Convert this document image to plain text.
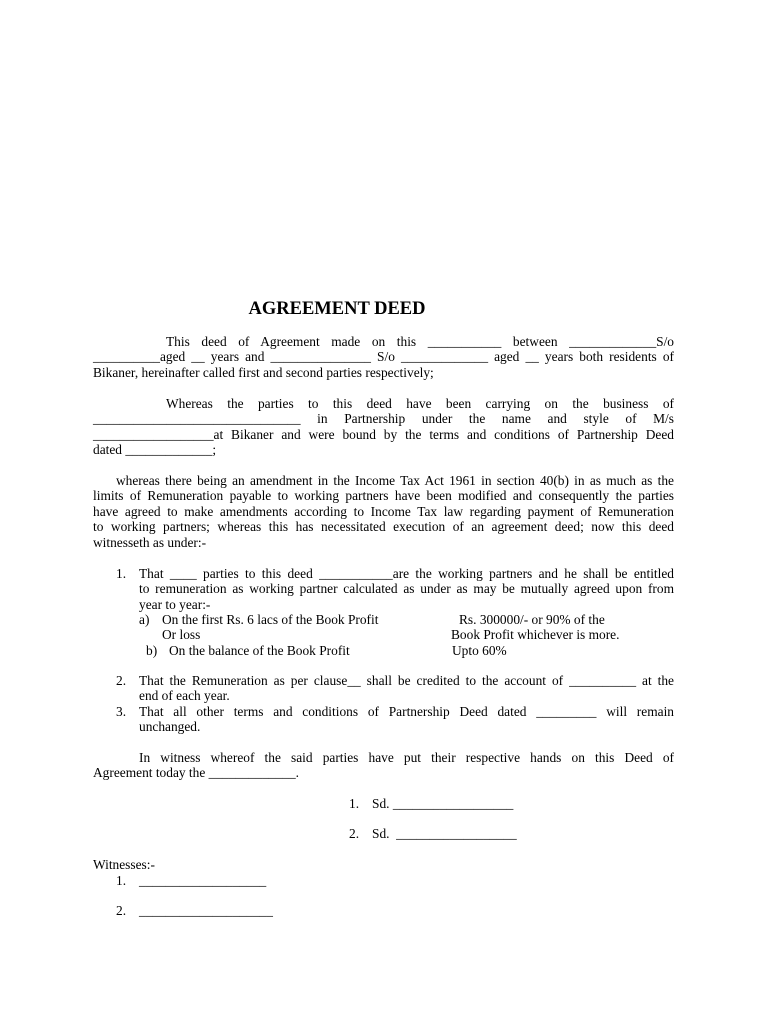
AGREEMENT DEED
This deed of Agreement made on this ___________ between _____________S/o
__________aged __ years and _______________ S/o _____________ aged __ years both residents of
Bikaner, hereinafter called first and second parties respectively;
Whereas the parties to this deed have been carrying on the business of
_______________________________ in Partnership under the name and style of M/s
__________________at Bikaner and were bound by the terms and conditions of Partnership Deed
dated _____________;
whereas there being an amendment in the Income Tax Act 1961 in section 40(b) in as much as the
limits of Remuneration payable to working partners have been modified and consequently the parties
have agreed to make amendments according to Income Tax law regarding payment of Remuneration
to working partners; whereas this has necessitated execution of an agreement deed; now this deed
witnesseth as under:-
1. That ____ parties to this deed ___________are the working partners and he shall be entitled
to remuneration as working partner calculated as under as may be mutually agreed upon from
year to year:-
a) On the first Rs. 6 lacs of the Book Profit	Rs. 300000/- or 90% of the
Or loss	Book Profit whichever is more.
b) On the balance of the Book Profit	Upto 60%
2. That the Remuneration as per clause__ shall be credited to the account of __________ at the
end of each year.
3. That all other terms and conditions of Partnership Deed dated _________ will remain
unchanged.
In witness whereof the said parties have put their respective hands on this Deed of
Agreement today the _____________.
1. Sd. __________________
2. Sd.  __________________
Witnesses:-
1. ___________________
2. ____________________
